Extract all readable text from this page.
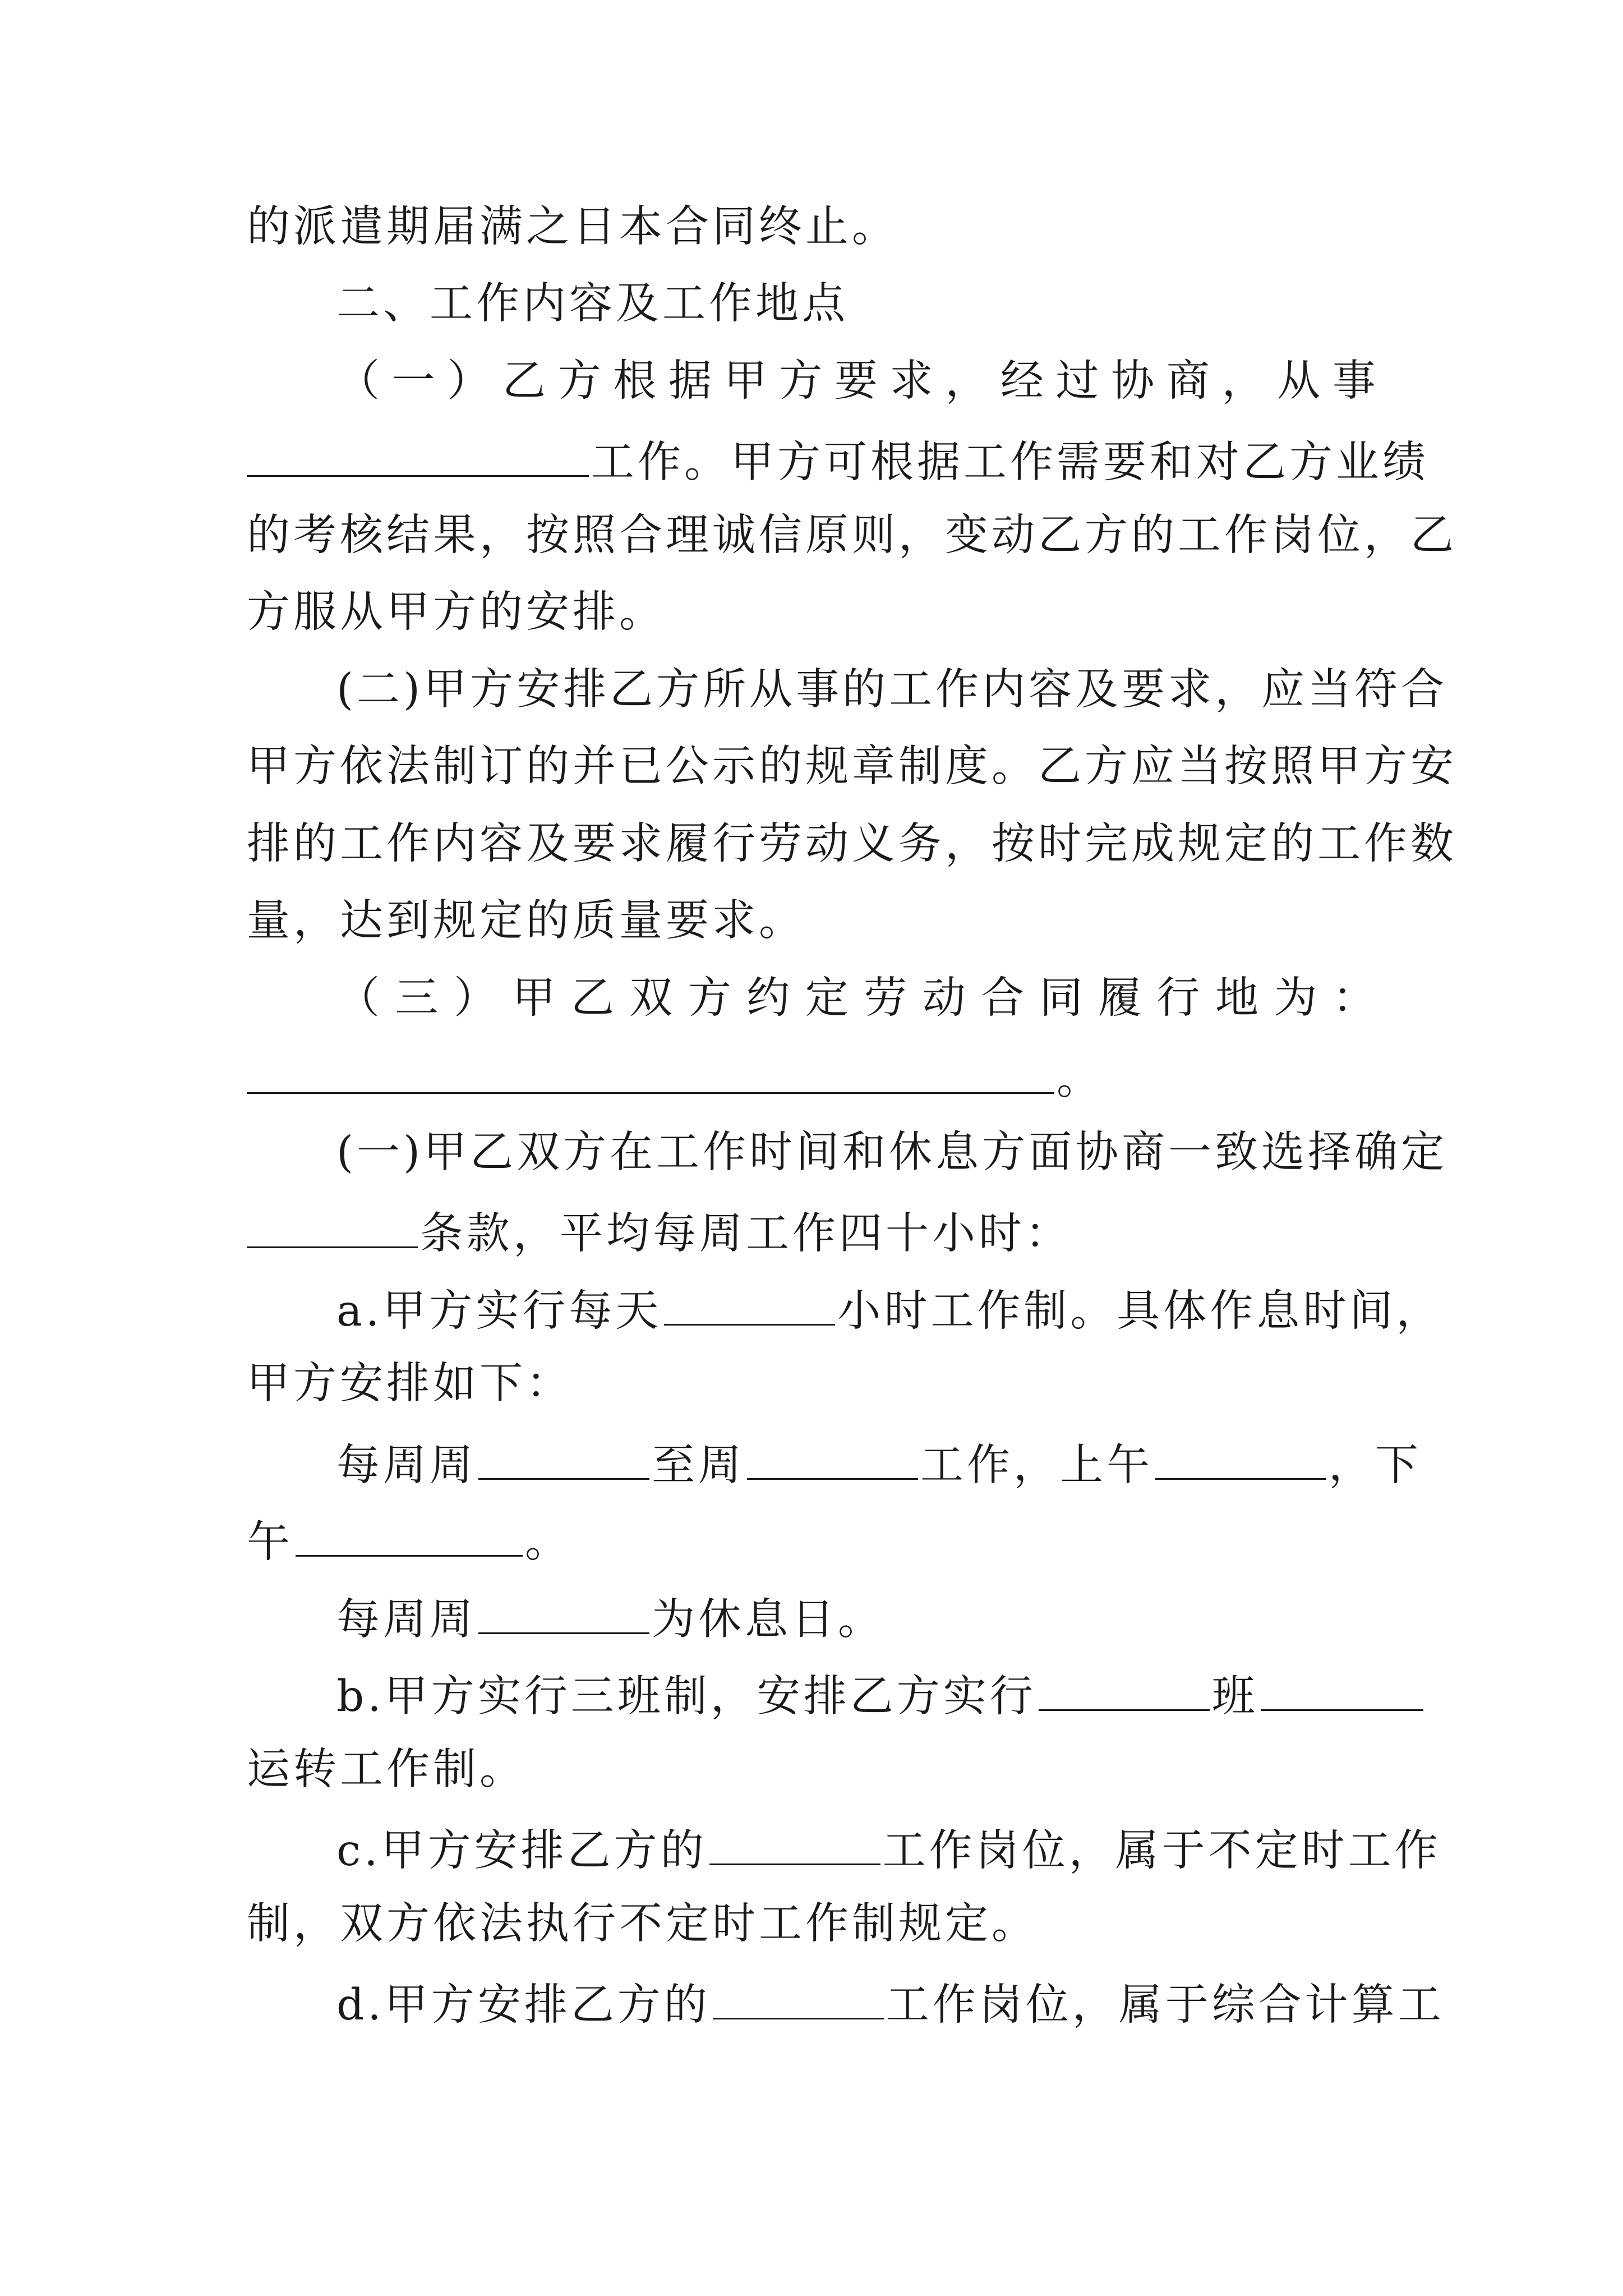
的派遣期届满之日本合同终止。
二、工作内容及工作地点
（ 一 ） 乙 方 根 据 甲 方 要 求 ， 经 过 协 商 ， 从 事
工作。甲方可根据工作需要和对乙方业绩
的考核结果，按照合理诚信原则，变动乙方的工作岗位，乙
方服从甲方的安排。
(二)甲方安排乙方所从事的工作内容及要求，应当符合
甲方依法制订的并已公示的规章制度。乙方应当按照甲方安
排的工作内容及要求履行劳动义务，按时完成规定的工作数
量，达到规定的质量要求。
（ 三 ） 甲 乙 双 方 约 定 劳 动 合 同 履 行 地 为 ：
。
(一)甲乙双方在工作时间和休息方面协商一致选择确定
条款，平均每周工作四十小时：
a.甲方实行每天	小时工作制。具体作息时间，
甲方安排如下：
每周周	至周	工作，上午	，下
午	。
每周周	为休息日。
b.甲方实行三班制，安排乙方实行	班
运转工作制。
c.甲方安排乙方的	工作岗位，属于不定时工作
制，双方依法执行不定时工作制规定。
d.甲方安排乙方的	工作岗位，属于综合计算工
